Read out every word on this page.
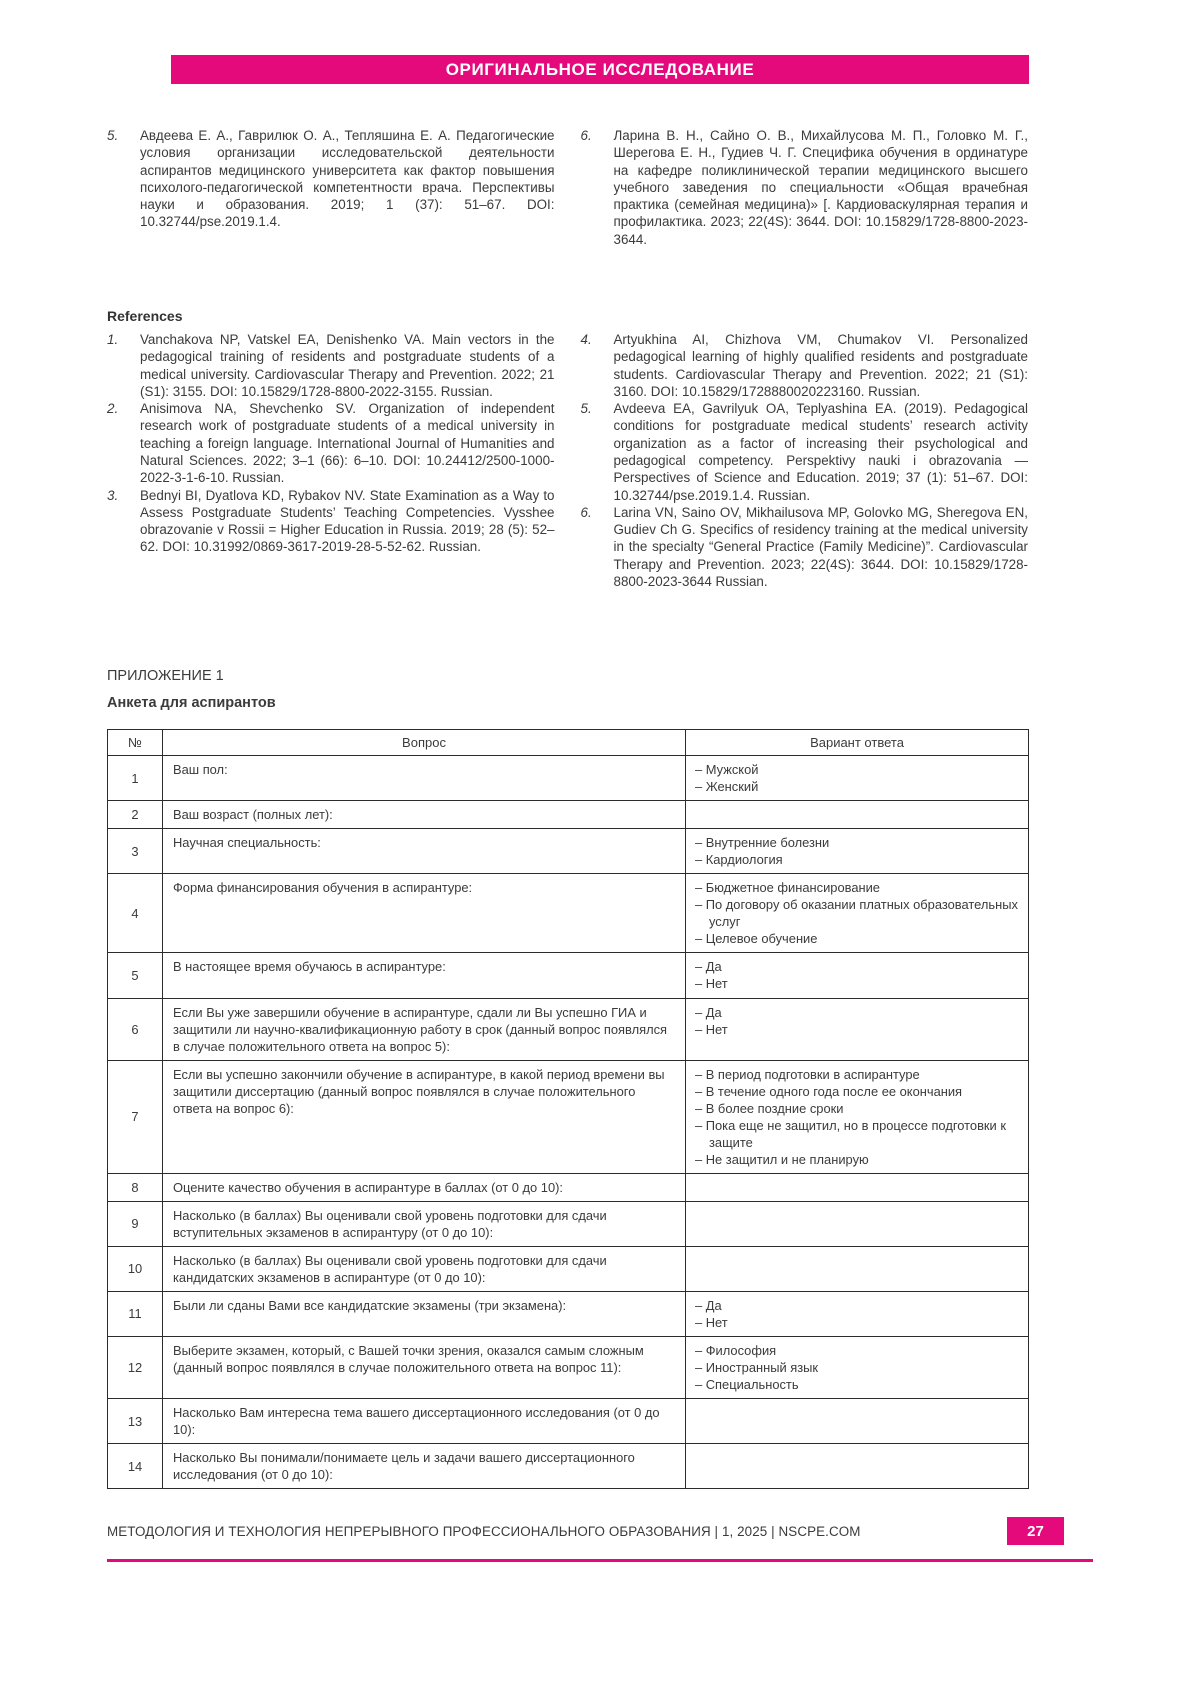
ОРИГИНАЛЬНОЕ ИССЛЕДОВАНИЕ
5.	Авдеева Е. А., Гаврилюк О. А., Тепляшина Е. А. Педагогические условия организации исследовательской деятельности аспирантов медицинского университета как фактор повышения психолого-педагогической компетентности врача. Перспективы науки и образования. 2019; 1 (37): 51–67. DOI: 10.32744/pse.2019.1.4.
6.	Ларина В. Н., Сайно О. В., Михайлусова М. П., Головко М. Г., Шерегова Е. Н., Гудиев Ч. Г. Специфика обучения в ординатуре на кафедре поликлинической терапии медицинского высшего учебного заведения по специальности «Общая врачебная практика (семейная медицина)» [. Кардиоваскулярная терапия и профилактика. 2023; 22(4S): 3644. DOI: 10.15829/1728-8800-2023-3644.
References
1.	Vanchakova NP, Vatskel EA, Denishenko VA. Main vectors in the pedagogical training of residents and postgraduate students of a medical university. Cardiovascular Therapy and Prevention. 2022; 21 (S1): 3155. DOI: 10.15829/1728-8800-2022-3155. Russian.
2.	Anisimova NA, Shevchenko SV. Organization of independent research work of postgraduate students of a medical university in teaching a foreign language. International Journal of Humanities and Natural Sciences. 2022; 3–1 (66): 6–10. DOI: 10.24412/2500-1000-2022-3-1-6-10. Russian.
3.	Bednyi BI, Dyatlova KD, Rybakov NV. State Examination as a Way to Assess Postgraduate Students’ Teaching Competencies. Vysshee obrazovanie v Rossii = Higher Education in Russia. 2019; 28 (5): 52–62. DOI: 10.31992/0869-3617-2019-28-5-52-62. Russian.
4.	Artyukhina AI, Chizhova VM, Chumakov VI. Personalized pedagogical learning of highly qualified residents and postgraduate students. Cardiovascular Therapy and Prevention. 2022; 21 (S1): 3160. DOI: 10.15829/1728880020223160. Russian.
5.	Avdeeva EA, Gavrilyuk OA, Teplyashina EA. (2019). Pedagogical conditions for postgraduate medical students’ research activity organization as a factor of increasing their psychological and pedagogical competency. Perspektivy nauki i obrazovania — Perspectives of Science and Education. 2019; 37 (1): 51–67. DOI: 10.32744/pse.2019.1.4. Russian.
6.	Larina VN, Saino OV, Mikhailusova MP, Golovko MG, Sheregova EN, Gudiev Ch G. Specifics of residency training at the medical university in the specialty “General Practice (Family Medicine)”. Cardiovascular Therapy and Prevention. 2023; 22(4S): 3644. DOI: 10.15829/1728-8800-2023-3644 Russian.
ПРИЛОЖЕНИЕ 1
Анкета для аспирантов
№	Вопрос	Вариант ответа
1	Ваш пол:	– Мужской
– Женский

2	Ваш возраст (полных лет):	
3	Научная специальность:	– Внутренние болезни
– Кардиология

4	Форма финансирования обучения в аспирантуре:	– Бюджетное финансирование
– По договору об оказании платных образовательных услуг
– Целевое обучение

5	В настоящее время обучаюсь в аспирантуре:	– Да
– Нет

6	Если Вы уже завершили обучение в аспирантуре, сдали ли Вы успешно ГИА и защитили ли научно-квалификационную работу в срок (данный вопрос появлялся в случае положительного ответа на вопрос 5):	– Да
– Нет

7	Если вы успешно закончили обучение в аспирантуре, в какой период времени вы защитили диссертацию (данный вопрос появлялся в случае положительного ответа на вопрос 6):	– В период подготовки в аспирантуре
– В течение одного года после ее окончания
– В более поздние сроки
– Пока еще не защитил, но в процессе подготовки к защите
– Не защитил и не планирую

8	Оцените качество обучения в аспирантуре в баллах (от 0 до 10):	
9	Насколько (в баллах) Вы оценивали свой уровень подготовки для сдачи вступительных экзаменов в аспирантуру (от 0 до 10):	
10	Насколько (в баллах) Вы оценивали свой уровень подготовки для сдачи кандидатских экзаменов в аспирантуре (от 0 до 10):	
11	Были ли сданы Вами все кандидатские экзамены (три экзамена):	– Да
– Нет

12	Выберите экзамен, который, с Вашей точки зрения, оказался самым сложным (данный вопрос появлялся в случае положительного ответа на вопрос 11):	– Философия
– Иностранный язык
– Специальность

13	Насколько Вам интересна тема вашего диссертационного исследования (от 0 до 10):	
14	Насколько Вы понимали/понимаете цель и задачи вашего диссертационного исследования (от 0 до 10):	
МЕТОДОЛОГИЯ И ТЕХНОЛОГИЯ НЕПРЕРЫВНОГО ПРОФЕССИОНАЛЬНОГО ОБРАЗОВАНИЯ | 1, 2025 | NSCPE.COM	27
